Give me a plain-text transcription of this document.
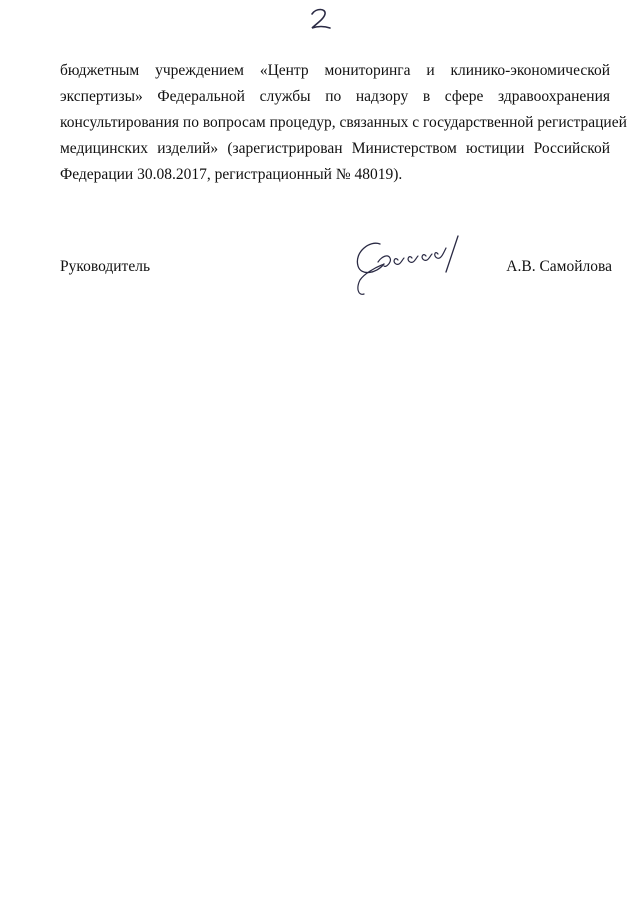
бюджетным учреждением «Центр мониторинга и клинико-экономической
экспертизы» Федеральной службы по надзору в сфере здравоохранения
консультирования по вопросам процедур, связанных с государственной регистрацией
медицинских изделий» (зарегистрирован Министерством юстиции Российской
Федерации 30.08.2017, регистрационный № 48019).
Руководитель	А.В. Самойлова
